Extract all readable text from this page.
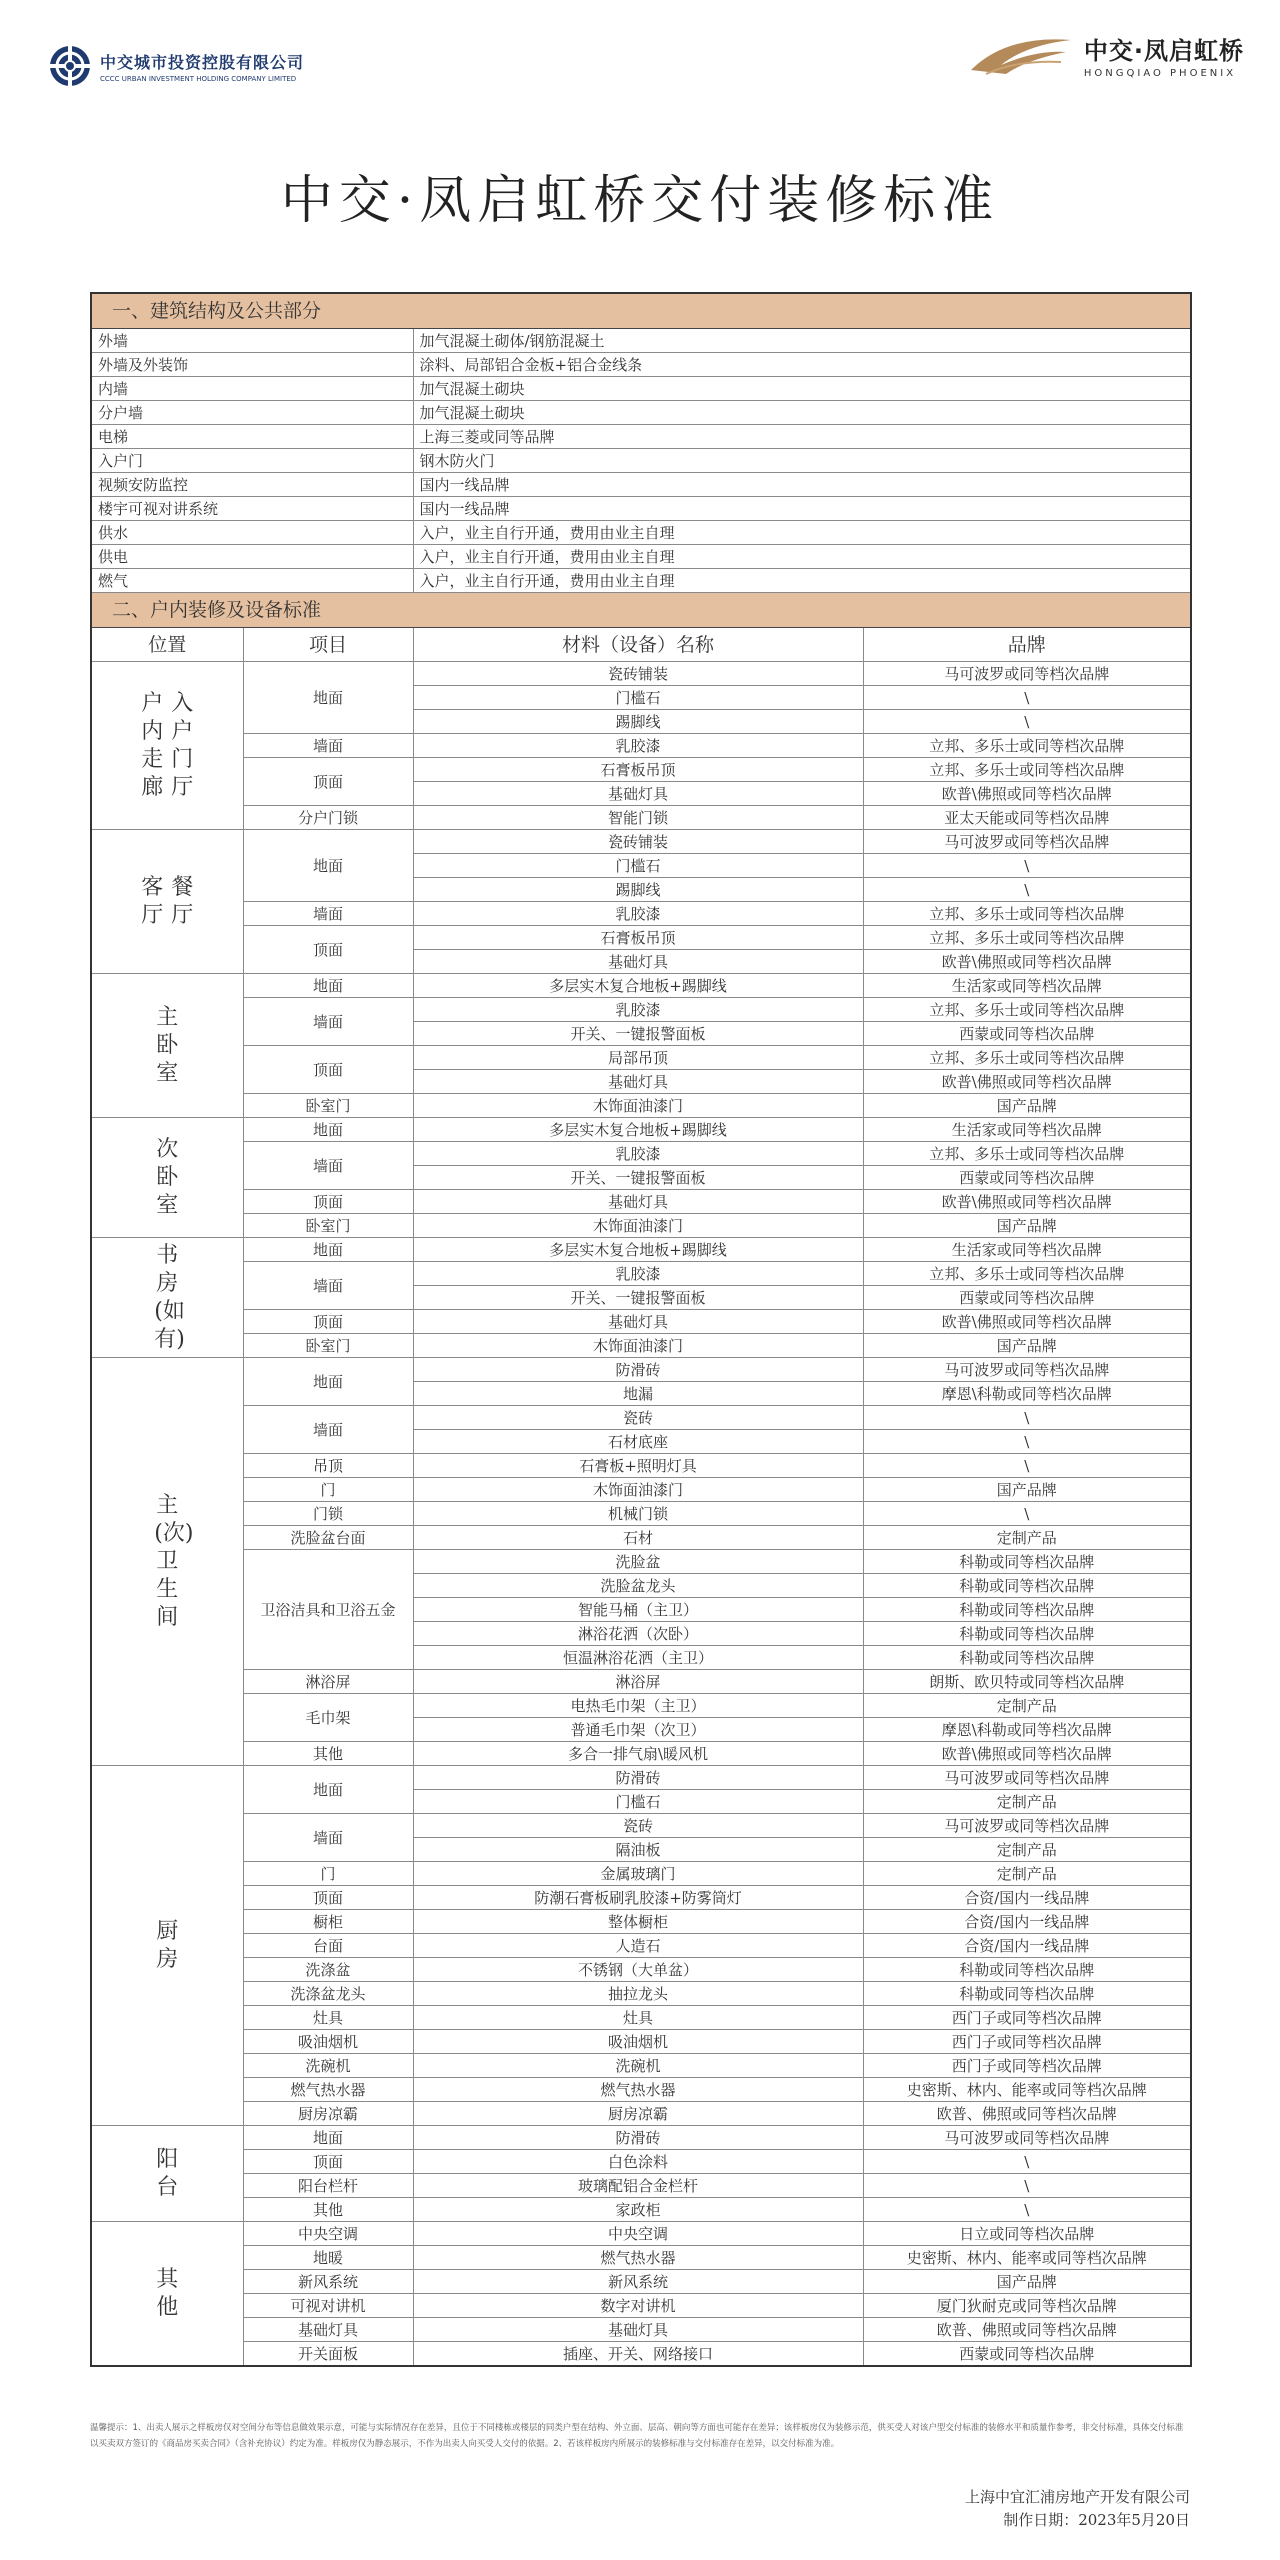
中交城市投资控股有限公司
CCCC URBAN INVESTMENT HOLDING COMPANY LIMITED
中交·凤启虹桥
HONGQIAO PHOENIX
中交·凤启虹桥交付装修标准
一、建筑结构及公共部分			
外墙		加气混凝土砌体/钢筋混凝土	
外墙及外装饰		涂料、局部铝合金板+铝合金线条	
内墙		加气混凝土砌块	
分户墙		加气混凝土砌块	
电梯		上海三菱或同等品牌	
入户门		钢木防火门	
视频安防监控		国内一线品牌	
楼宇可视对讲系统		国内一线品牌	
供水		入户，业主自行开通，费用由业主自理	
供电		入户，业主自行开通，费用由业主自理	
燃气		入户，业主自行开通，费用由业主自理	
二、户内装修及设备标准			
位置	项目	材料（设备）名称	品牌

入户门厅
户内走廊	地面	瓷砖铺装	马可波罗或同等档次品牌
		门槛石	\
		踢脚线	\
	墙面	乳胶漆	立邦、多乐士或同等档次品牌
	顶面	石膏板吊顶	立邦、多乐士或同等档次品牌
		基础灯具	欧普\佛照或同等档次品牌
	分户门锁	智能门锁	亚太天能或同等档次品牌

餐厅
客厅	地面	瓷砖铺装	马可波罗或同等档次品牌
		门槛石	\
		踢脚线	\
	墙面	乳胶漆	立邦、多乐士或同等档次品牌
	顶面	石膏板吊顶	立邦、多乐士或同等档次品牌
		基础灯具	欧普\佛照或同等档次品牌

主卧室	地面	多层实木复合地板+踢脚线	生活家或同等档次品牌
	墙面	乳胶漆	立邦、多乐士或同等档次品牌
		开关、一键报警面板	西蒙或同等档次品牌
	顶面	局部吊顶	立邦、多乐士或同等档次品牌
		基础灯具	欧普\佛照或同等档次品牌
	卧室门	木饰面油漆门	国产品牌

次卧室	地面	多层实木复合地板+踢脚线	生活家或同等档次品牌
	墙面	乳胶漆	立邦、多乐士或同等档次品牌
		开关、一键报警面板	西蒙或同等档次品牌
	顶面	基础灯具	欧普\佛照或同等档次品牌
	卧室门	木饰面油漆门	国产品牌

书房(如有)	地面	多层实木复合地板+踢脚线	生活家或同等档次品牌
	墙面	乳胶漆	立邦、多乐士或同等档次品牌
		开关、一键报警面板	西蒙或同等档次品牌
	顶面	基础灯具	欧普\佛照或同等档次品牌
	卧室门	木饰面油漆门	国产品牌

主(次)卫生间	地面	防滑砖	马可波罗或同等档次品牌
		地漏	摩恩\科勒或同等档次品牌
	墙面	瓷砖	\
		石材底座	\
	吊顶	石膏板+照明灯具	\
	门	木饰面油漆门	国产品牌
	门锁	机械门锁	\
	洗脸盆台面	石材	定制产品
	卫浴洁具和卫浴五金	洗脸盆	科勒或同等档次品牌
		洗脸盆龙头	科勒或同等档次品牌
		智能马桶（主卫）	科勒或同等档次品牌
		淋浴花洒（次卧）	科勒或同等档次品牌
		恒温淋浴花洒（主卫）	科勒或同等档次品牌
	淋浴屏	淋浴屏	朗斯、欧贝特或同等档次品牌
	毛巾架	电热毛巾架（主卫）	定制产品
		普通毛巾架（次卫）	摩恩\科勒或同等档次品牌
	其他	多合一排气扇\暖风机	欧普\佛照或同等档次品牌

厨房	地面	防滑砖	马可波罗或同等档次品牌
		门槛石	定制产品
	墙面	瓷砖	马可波罗或同等档次品牌
		隔油板	定制产品
	门	金属玻璃门	定制产品
	顶面	防潮石膏板刷乳胶漆+防雾筒灯	合资/国内一线品牌
	橱柜	整体橱柜	合资/国内一线品牌
	台面	人造石	合资/国内一线品牌
	洗涤盆	不锈钢（大单盆）	科勒或同等档次品牌
	洗涤盆龙头	抽拉龙头	科勒或同等档次品牌
	灶具	灶具	西门子或同等档次品牌
	吸油烟机	吸油烟机	西门子或同等档次品牌
	洗碗机	洗碗机	西门子或同等档次品牌
	燃气热水器	燃气热水器	史密斯、林内、能率或同等档次品牌
	厨房凉霸	厨房凉霸	欧普、佛照或同等档次品牌

阳台	地面	防滑砖	马可波罗或同等档次品牌
	顶面	白色涂料	\
	阳台栏杆	玻璃配铝合金栏杆	\
	其他	家政柜	\

其他	中央空调	中央空调	日立或同等档次品牌
	地暖	燃气热水器	史密斯、林内、能率或同等档次品牌
	新风系统	新风系统	国产品牌
	可视对讲机	数字对讲机	厦门狄耐克或同等档次品牌
	基础灯具	基础灯具	欧普、佛照或同等档次品牌
	开关面板	插座、开关、网络接口	西蒙或同等档次品牌
温馨提示：1、出卖人展示之样板房仅对空间分布等信息做效果示意，可能与实际情况存在差异，且位于不同楼栋或楼层的同类户型在结构、外立面、层高、朝向等方面也可能存在差异；该样板房仅为装修示范，供买受人对该户型交付标准的装修水平和质量作参考，非交付标准，具体交付标准以买卖双方签订的《商品房买卖合同》（含补充协议）约定为准。样板房仅为静态展示，不作为出卖人向买受人交付的依据。2、若该样板房内所展示的装修标准与交付标准存在差异，以交付标准为准。
上海中宜汇浦房地产开发有限公司
制作日期：2023年5月20日
